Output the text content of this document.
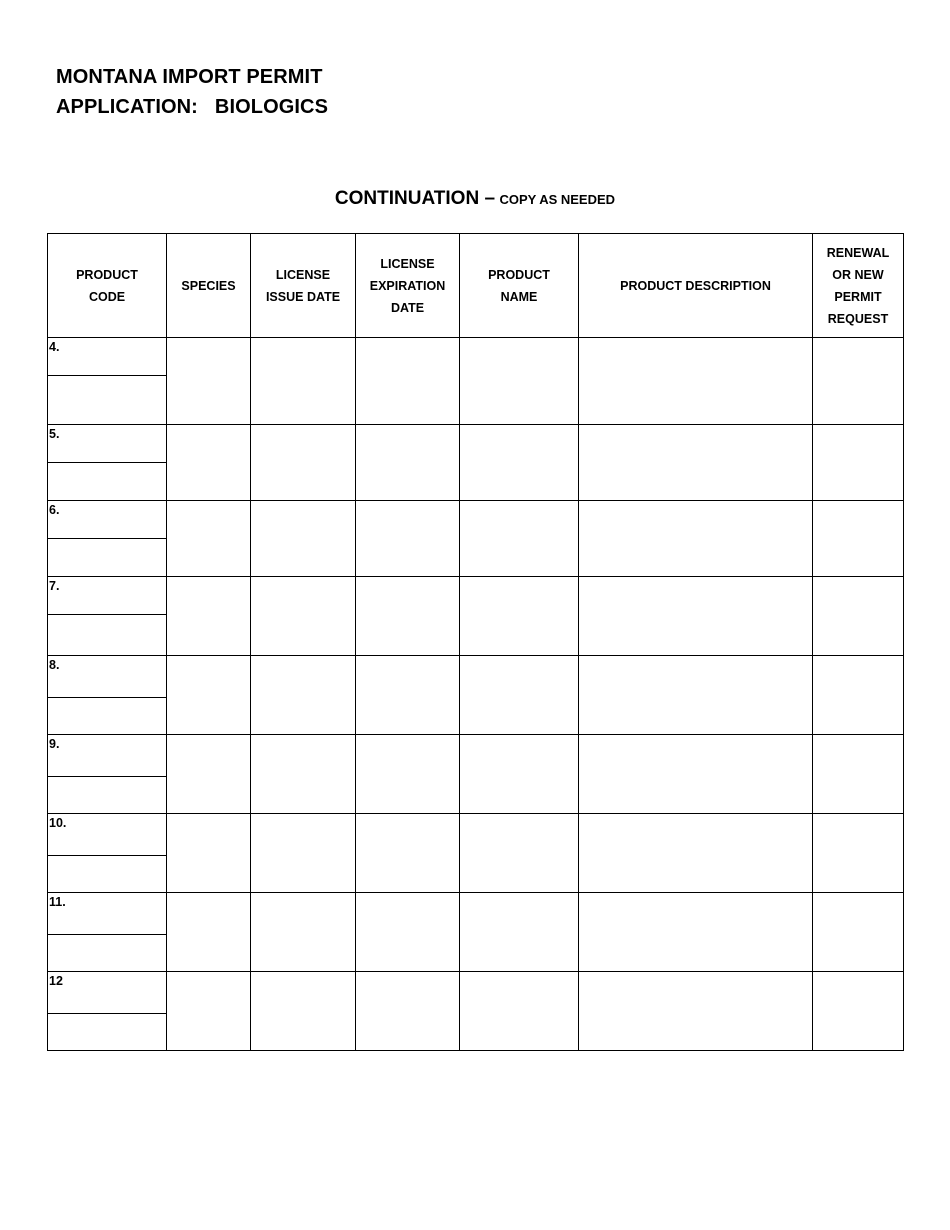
MONTANA IMPORT PERMIT
APPLICATION:   BIOLOGICS
CONTINUATION – COPY AS NEEDED
PRODUCT CODE	SPECIES	LICENSE ISSUE DATE	LICENSE EXPIRATION DATE	PRODUCT NAME	PRODUCT DESCRIPTION	RENEWAL OR NEW PERMIT REQUEST
4.						

5.						

6.						

7.						

8.						

9.						

10.						

11.						

12						
